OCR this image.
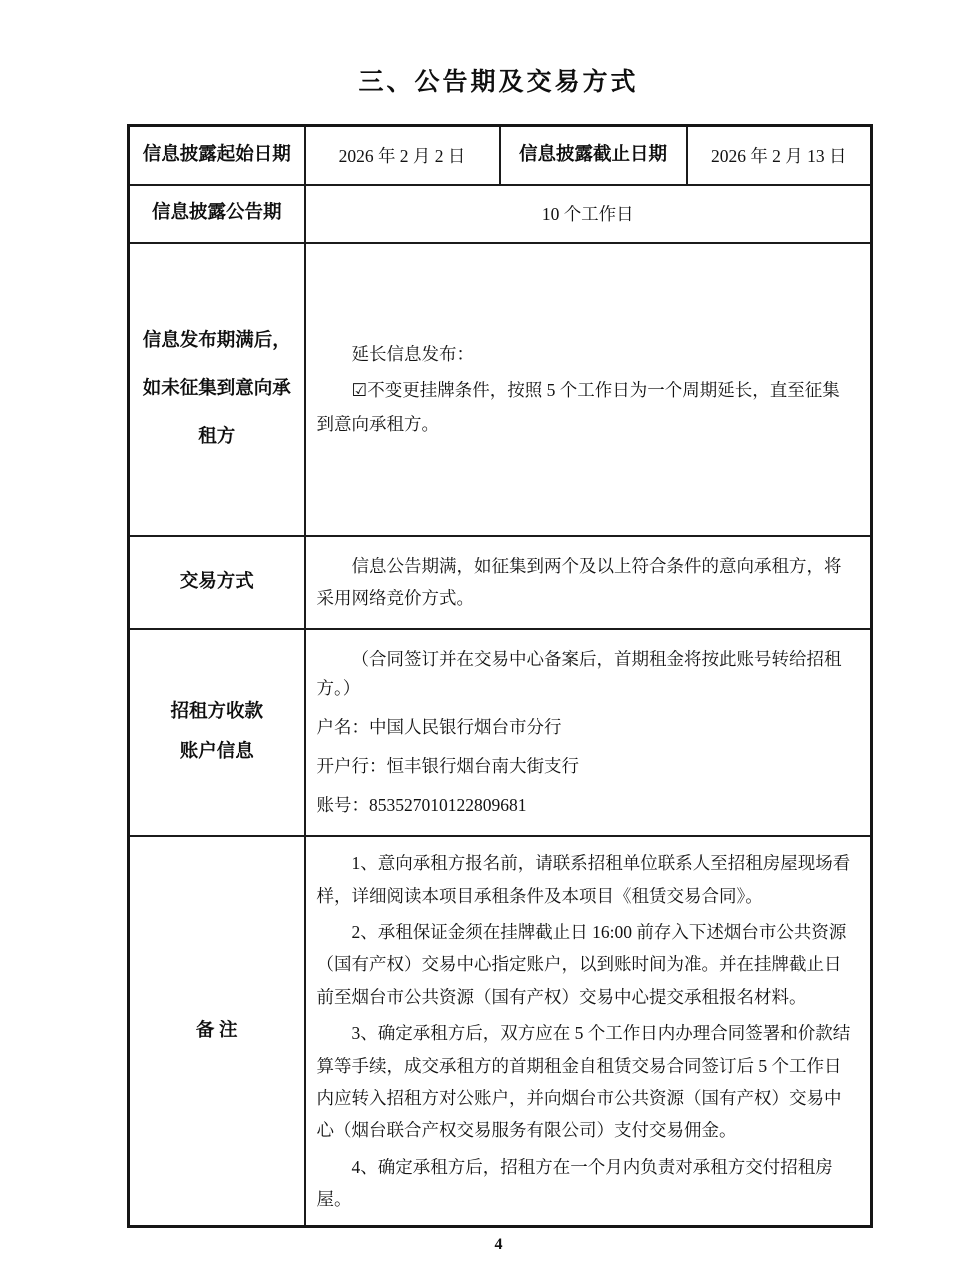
三、公告期及交易方式
信息披露起始日期	2026 年 2 月 2 日	信息披露截止日期	2026 年 2 月 13 日
信息披露公告期	10 个工作日		
信息发布期满后，如未征集到意向承租方	延长信息发布：

☑不变更挂牌条件，按照 5 个工作日为一个周期延长，直至征集到意向承租方。		

交易方式	信息公告期满，如征集到两个及以上符合条件的意向承租方，将采用网络竞价方式。		

招租方收款账户信息	（合同签订并在交易中心备案后，首期租金将按此账号转给招租方。）

户名：中国人民银行烟台市分行

开户行：恒丰银行烟台南大街支行

账号：853527010122809681		

备 注	1、意向承租方报名前，请联系招租单位联系人至招租房屋现场看样，详细阅读本项目承租条件及本项目《租赁交易合同》。

2、承租保证金须在挂牌截止日 16:00 前存入下述烟台市公共资源（国有产权）交易中心指定账户，以到账时间为准。并在挂牌截止日前至烟台市公共资源（国有产权）交易中心提交承租报名材料。

3、确定承租方后，双方应在 5 个工作日内办理合同签署和价款结算等手续，成交承租方的首期租金自租赁交易合同签订后 5 个工作日内应转入招租方对公账户，并向烟台市公共资源（国有产权）交易中心（烟台联合产权交易服务有限公司）支付交易佣金。

4、确定承租方后，招租方在一个月内负责对承租方交付招租房屋。		

4
